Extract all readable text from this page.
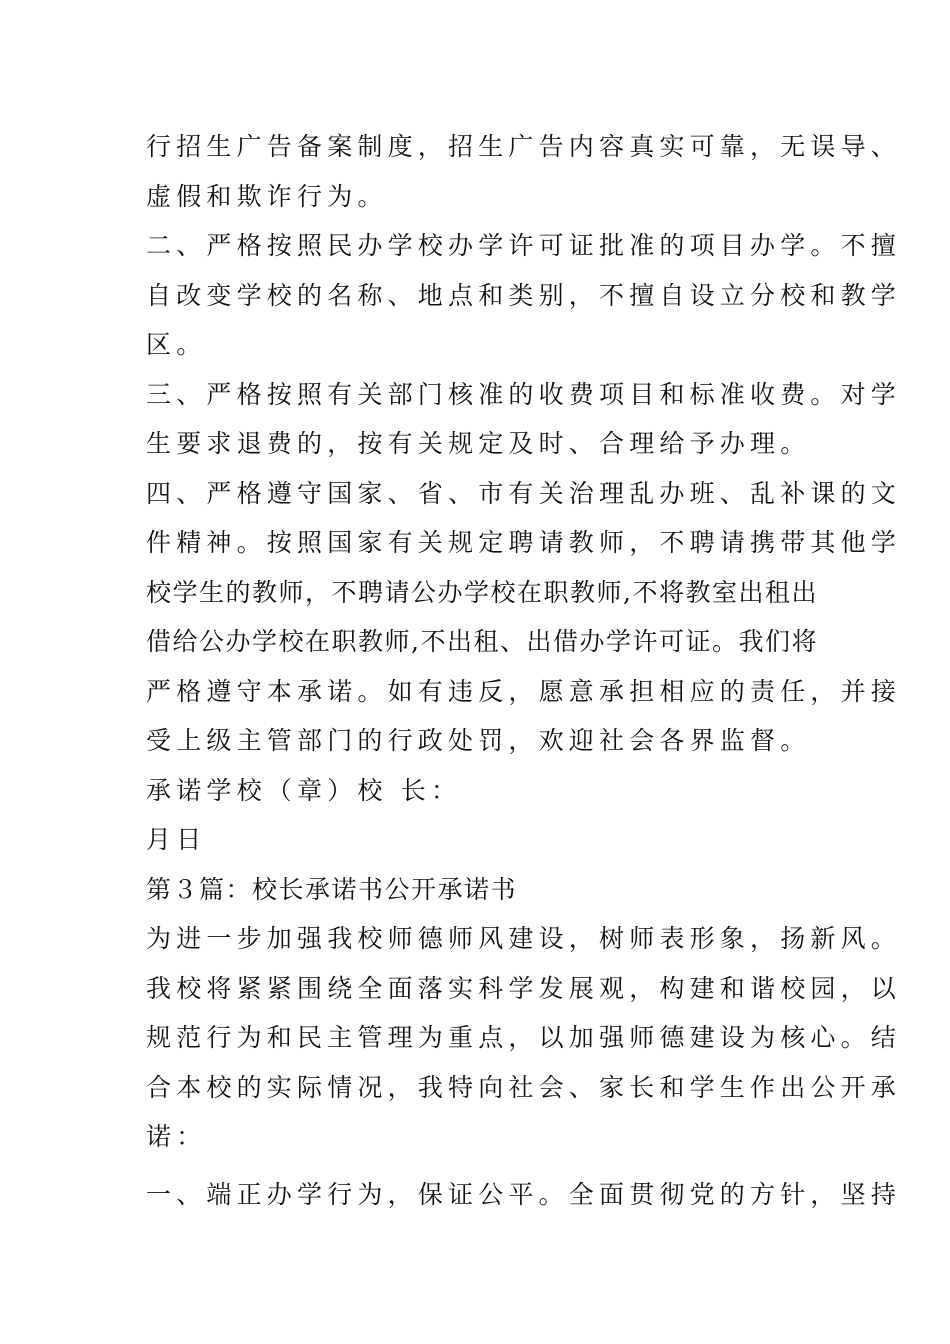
行招生广告备案制度，招生广告内容真实可靠，无误导、
虚假和欺诈行为。
二、严格按照民办学校办学许可证批准的项目办学。不擅
自改变学校的名称、地点和类别，不擅自设立分校和教学
区。
三、严格按照有关部门核准的收费项目和标准收费。对学
生要求退费的，按有关规定及时、合理给予办理。
四、严格遵守国家、省、市有关治理乱办班、乱补课的文
件精神。按照国家有关规定聘请教师，不聘请携带其他学
校学生的教师，不聘请公办学校在职教师,不将教室出租出
借给公办学校在职教师,不出租、出借办学许可证。我们将
严格遵守本承诺。如有违反，愿意承担相应的责任，并接
受上级主管部门的行政处罚，欢迎社会各界监督。
承诺学校（章）校 长：
月日
第３篇：校长承诺书公开承诺书
为进一步加强我校师德师风建设，树师表形象，扬新风。
我校将紧紧围绕全面落实科学发展观，构建和谐校园，以
规范行为和民主管理为重点，以加强师德建设为核心。结
合本校的实际情况，我特向社会、家长和学生作出公开承
诺：
一、端正办学行为，保证公平。全面贯彻党的方针，坚持
